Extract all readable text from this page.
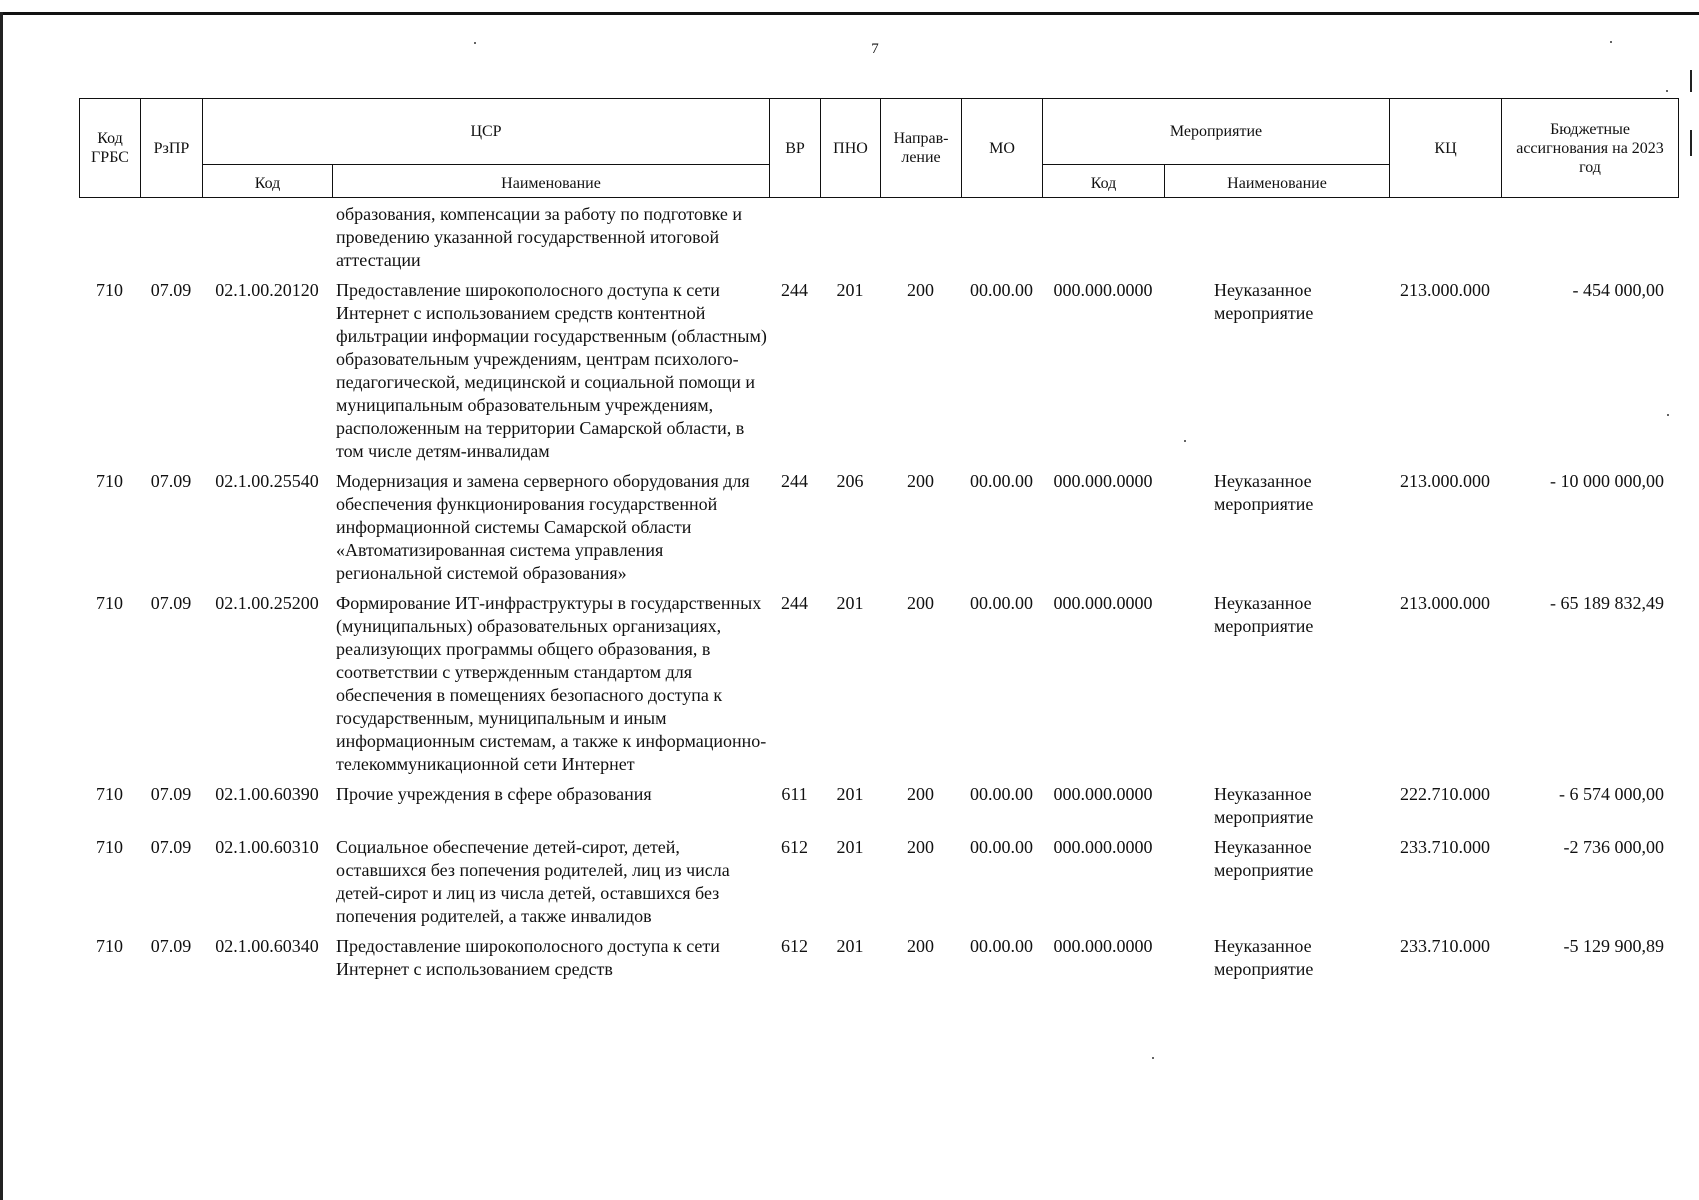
7
Код ГРБС	РзПР	ЦСР		ВР	ПНО	Направ- ление	МО	Мероприятие		КЦ	Бюджетные ассигнования на 2023 год
		Код	Наименование					Код	Наименование		
			образования, компенсации за работу по подготовке и проведению указанной государственной итоговой аттестации								
710	07.09	02.1.00.20120	Предоставление широкополосного доступа к сети Интернет с использованием средств контентной фильтрации информации государственным (областным) образовательным учреждениям, центрам психолого-педагогической, медицинской и социальной помощи и муниципальным образовательным учреждениям, расположенным на территории Самарской области, в том числе детям-инвалидам	244	201	200	00.00.00	000.000.0000	Неуказанное мероприятие	213.000.000	- 454 000,00
710	07.09	02.1.00.25540	Модернизация и замена серверного оборудования для обеспечения функционирования государственной информационной системы Самарской области «Автоматизированная система управления региональной системой образования»	244	206	200	00.00.00	000.000.0000	Неуказанное мероприятие	213.000.000	- 10 000 000,00
710	07.09	02.1.00.25200	Формирование ИТ-инфраструктуры в государственных (муниципальных) образовательных организациях, реализующих программы общего образования, в соответствии с утвержденным стандартом для обеспечения в помещениях безопасного доступа к государственным, муниципальным и иным информационным системам, а также к информационно-телекоммуникационной сети Интернет	244	201	200	00.00.00	000.000.0000	Неуказанное мероприятие	213.000.000	- 65 189 832,49
710	07.09	02.1.00.60390	Прочие учреждения в сфере образования	611	201	200	00.00.00	000.000.0000	Неуказанное мероприятие	222.710.000	- 6 574 000,00
710	07.09	02.1.00.60310	Социальное обеспечение детей-сирот, детей, оставшихся без попечения родителей, лиц из числа детей-сирот и лиц из числа детей, оставшихся без попечения родителей, а также инвалидов	612	201	200	00.00.00	000.000.0000	Неуказанное мероприятие	233.710.000	-2 736 000,00
710	07.09	02.1.00.60340	Предоставление широкополосного доступа к сети Интернет с использованием средств	612	201	200	00.00.00	000.000.0000	Неуказанное мероприятие	233.710.000	-5 129 900,89
